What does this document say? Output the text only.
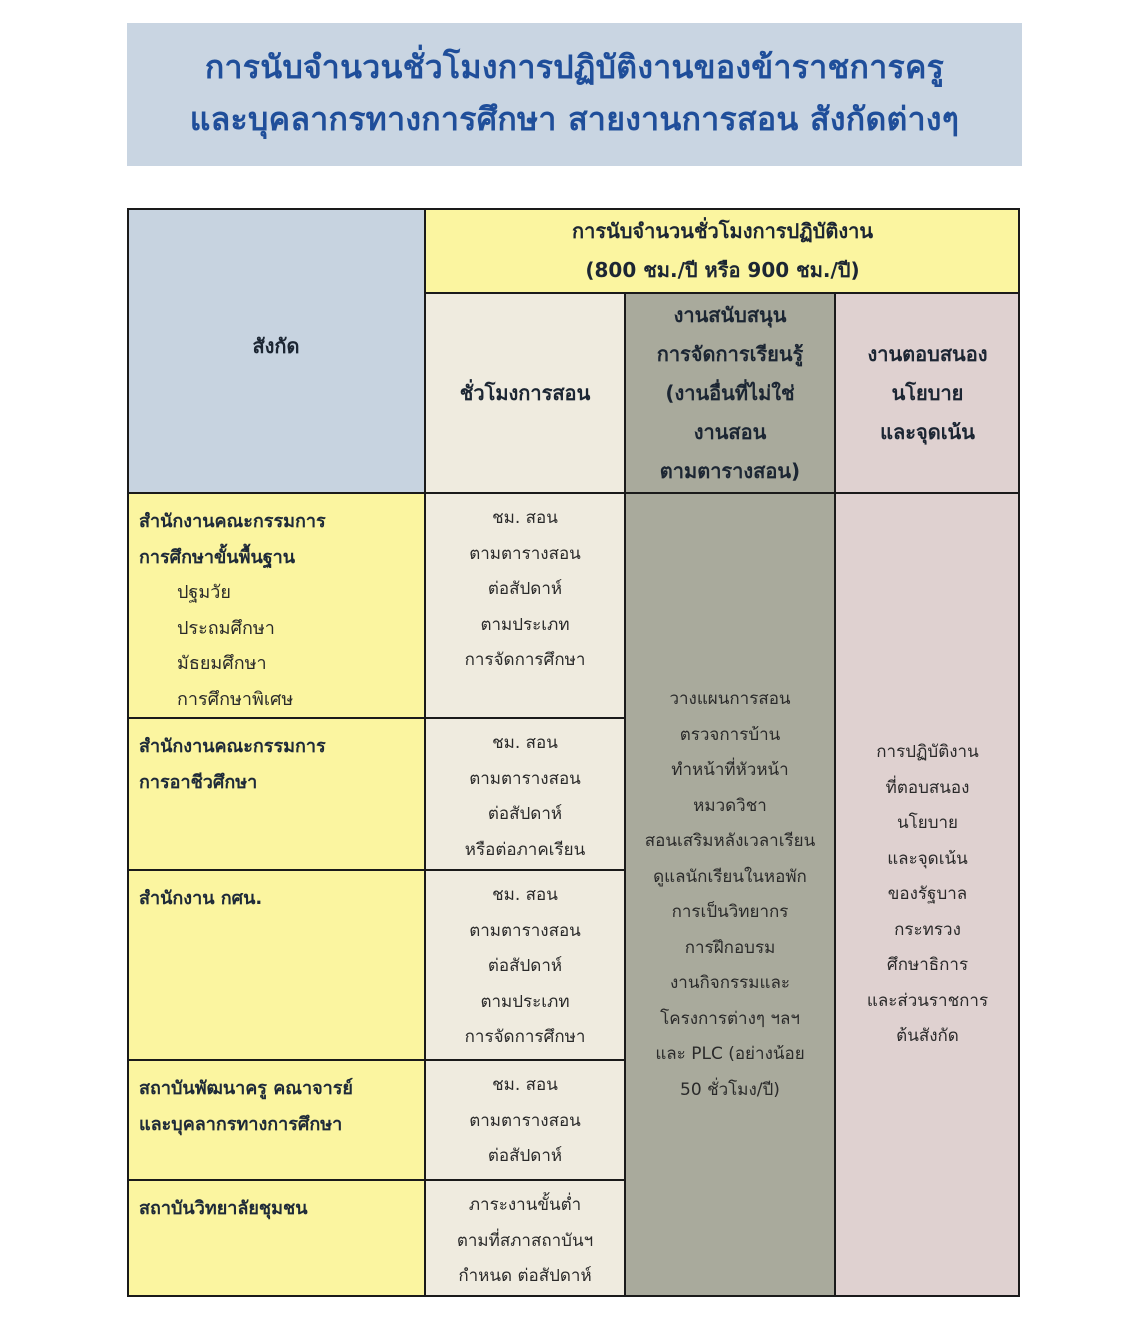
การนับจำนวนชั่วโมงการปฏิบัติงานของข้าราชการครู
และบุคลากรทางการศึกษา สายงานการสอน สังกัดต่างๆ
สังกัด
การนับจำนวนชั่วโมงการปฏิบัติงาน
(800 ชม./ปี หรือ 900 ชม./ปี)
ชั่วโมงการสอน
งานสนับสนุน
การจัดการเรียนรู้
(งานอื่นที่ไม่ใช่
งานสอน
ตามตารางสอน)
งานตอบสนอง
นโยบาย
และจุดเน้น
สำนักงานคณะกรรมการ
การศึกษาขั้นพื้นฐาน
ปฐมวัย
ประถมศึกษา
มัธยมศึกษา
การศึกษาพิเศษ
สำนักงานคณะกรรมการ
การอาชีวศึกษา
สำนักงาน กศน.
สถาบันพัฒนาครู คณาจารย์
และบุคลากรทางการศึกษา
สถาบันวิทยาลัยชุมชน
ชม. สอน
ตามตารางสอน
ต่อสัปดาห์
ตามประเภท
การจัดการศึกษา
ชม. สอน
ตามตารางสอน
ต่อสัปดาห์
หรือต่อภาคเรียน
ชม. สอน
ตามตารางสอน
ต่อสัปดาห์
ตามประเภท
การจัดการศึกษา
ชม. สอน
ตามตารางสอน
ต่อสัปดาห์
ภาระงานขั้นต่ำ
ตามที่สภาสถาบันฯ
กำหนด ต่อสัปดาห์
วางแผนการสอน
ตรวจการบ้าน
ทำหน้าที่หัวหน้า
หมวดวิชา
สอนเสริมหลังเวลาเรียน
ดูแลนักเรียนในหอพัก
การเป็นวิทยากร
การฝึกอบรม
งานกิจกรรมและ
โครงการต่างๆ ฯลฯ
และ PLC (อย่างน้อย
50 ชั่วโมง/ปี)
การปฏิบัติงาน
ที่ตอบสนอง
นโยบาย
และจุดเน้น
ของรัฐบาล
กระทรวง
ศึกษาธิการ
และส่วนราชการ
ต้นสังกัด
